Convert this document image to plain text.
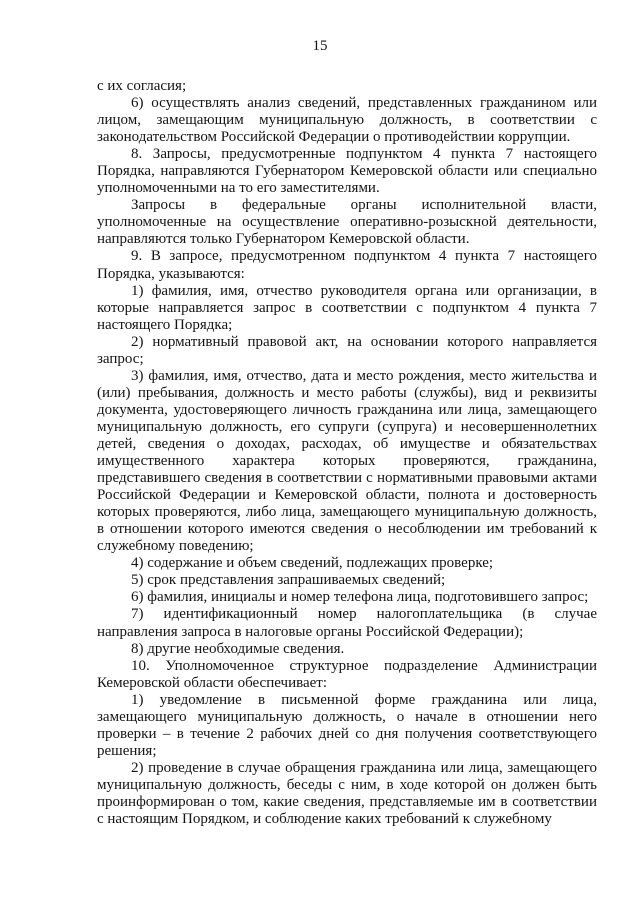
15

с их согласия;

6) осуществлять анализ сведений, представленных гражданином или лицом, замещающим муниципальную должность, в соответствии с законодательством Российской Федерации о противодействии коррупции.

8. Запросы, предусмотренные подпунктом 4 пункта 7 настоящего Порядка, направляются Губернатором Кемеровской области или специально уполномоченными на то его заместителями.

Запросы в федеральные органы исполнительной власти, уполномоченные на осуществление оперативно-розыскной деятельности, направляются только Губернатором Кемеровской области.

9. В запросе, предусмотренном подпунктом 4 пункта 7 настоящего Порядка, указываются:

1) фамилия, имя, отчество руководителя органа или организации, в которые направляется запрос в соответствии с подпунктом 4 пункта 7 настоящего Порядка;

2) нормативный правовой акт, на основании которого направляется запрос;

3) фамилия, имя, отчество, дата и место рождения, место жительства и (или) пребывания, должность и место работы (службы), вид и реквизиты документа, удостоверяющего личность гражданина или лица, замещающего муниципальную должность, его супруги (супруга) и несовершеннолетних детей, сведения о доходах, расходах, об имуществе и обязательствах имущественного характера которых проверяются, гражданина, представившего сведения в соответствии с нормативными правовыми актами Российской Федерации и Кемеровской области, полнота и достоверность которых проверяются, либо лица, замещающего муниципальную должность, в отношении которого имеются сведения о несоблюдении им требований к служебному поведению;

4) содержание и объем сведений, подлежащих проверке;

5) срок представления запрашиваемых сведений;

6) фамилия, инициалы и номер телефона лица, подготовившего запрос;

7) идентификационный номер налогоплательщика (в случае направления запроса в налоговые органы Российской Федерации);

8) другие необходимые сведения.

10. Уполномоченное структурное подразделение Администрации Кемеровской области обеспечивает:

1) уведомление в письменной форме гражданина или лица, замещающего муниципальную должность, о начале в отношении него проверки – в течение 2 рабочих дней со дня получения соответствующего решения;

2) проведение в случае обращения гражданина или лица, замещающего муниципальную должность, беседы с ним, в ходе которой он должен быть проинформирован о том, какие сведения, представляемые им в соответствии с настоящим Порядком, и соблюдение каких требований к служебному
